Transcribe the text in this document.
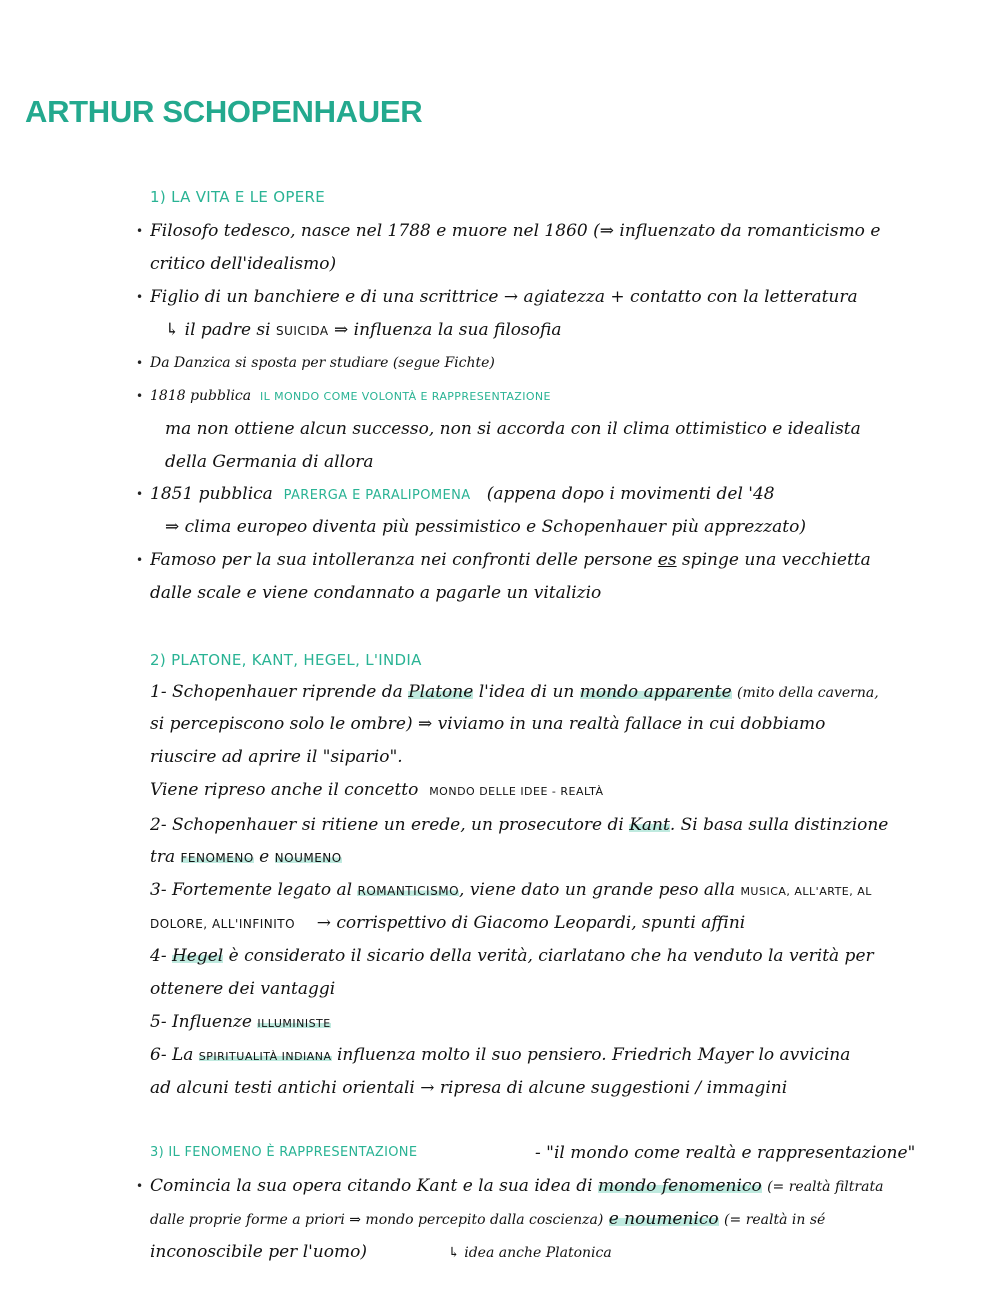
ARTHUR SCHOPENHAUER
1) LA VITA E LE OPERE
• Filosofo tedesco, nasce nel 1788 e muore nel 1860 (⇒ influenzato da romanticismo e
critico dell'idealismo)
• Figlio di un banchiere e di una scrittrice → agiatezza + contatto con la letteratura
↳ il padre si SUICIDA ⇒ influenza la sua filosofia
• Da Danzica si sposta per studiare (segue Fichte)
• 1818 pubblica IL MONDO COME VOLONTÀ E RAPPRESENTAZIONE
ma non ottiene alcun successo, non si accorda con il clima ottimistico e idealista
della Germania di allora
• 1851 pubblica PARERGA E PARALIPOMENA (appena dopo i movimenti del '48
⇒ clima europeo diventa più pessimistico e Schopenhauer più apprezzato)
• Famoso per la sua intolleranza nei confronti delle persone es spinge una vecchietta
dalle scale e viene condannato a pagarle un vitalizio
2) PLATONE, KANT, HEGEL, L'INDIA
1- Schopenhauer riprende da Platone l'idea di un mondo apparente (mito della caverna,
si percepiscono solo le ombre) ⇒ viviamo in una realtà fallace in cui dobbiamo
riuscire ad aprire il "sipario".
Viene ripreso anche il concetto MONDO DELLE IDEE - REALTÀ
2- Schopenhauer si ritiene un erede, un prosecutore di Kant. Si basa sulla distinzione
tra FENOMENO e NOUMENO
3- Fortemente legato al ROMANTICISMO, viene dato un grande peso alla MUSICA, ALL'ARTE, AL
DOLORE, ALL'INFINITO → corrispettivo di Giacomo Leopardi, spunti affini
4- Hegel è considerato il sicario della verità, ciarlatano che ha venduto la verità per
ottenere dei vantaggi
5- Influenze ILLUMINISTE
6- La SPIRITUALITÀ INDIANA influenza molto il suo pensiero. Friedrich Mayer lo avvicina
ad alcuni testi antichi orientali → ripresa di alcune suggestioni / immagini
3) IL FENOMENO È RAPPRESENTAZIONE	- "il mondo come realtà e rappresentazione"
• Comincia la sua opera citando Kant e la sua idea di mondo fenomenico (= realtà filtrata
dalle proprie forme a priori ⇒ mondo percepito dalla coscienza) e noumenico (= realtà in sé
inconoscibile per l'uomo)	↳ idea anche Platonica
